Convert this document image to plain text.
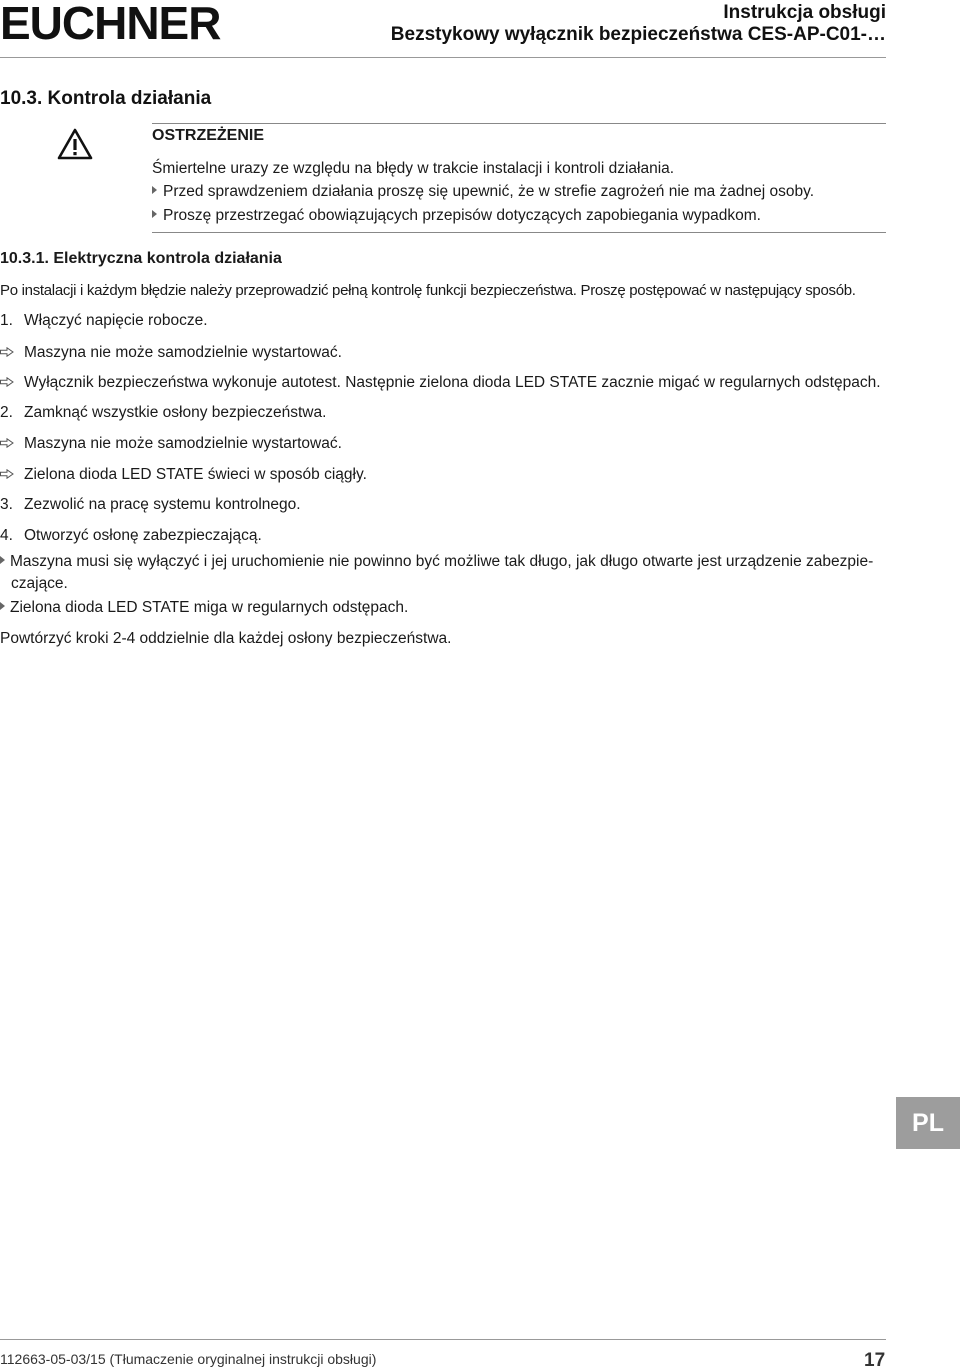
EUCHNER	Instrukcja obsługi
Bezstykowy wyłącznik bezpieczeństwa CES-AP-C01-…
10.3. Kontrola działania
OSTRZEŻENIE
Śmiertelne urazy ze względu na błędy w trakcie instalacji i kontroli działania.
Przed sprawdzeniem działania proszę się upewnić, że w strefie zagrożeń nie ma żadnej osoby.
Proszę przestrzegać obowiązujących przepisów dotyczących zapobiegania wypadkom.
10.3.1. Elektryczna kontrola działania
Po instalacji i każdym błędzie należy przeprowadzić pełną kontrolę funkcji bezpieczeństwa. Proszę postępować w następujący sposób.
1. Włączyć napięcie robocze.
Maszyna nie może samodzielnie wystartować.
Wyłącznik bezpieczeństwa wykonuje autotest. Następnie zielona dioda LED STATE zacznie migać w regularnych odstępach.
2. Zamknąć wszystkie osłony bezpieczeństwa.
Maszyna nie może samodzielnie wystartować.
Zielona dioda LED STATE świeci w sposób ciągły.
3. Zezwolić na pracę systemu kontrolnego.
4. Otworzyć osłonę zabezpieczającą.
Maszyna musi się wyłączyć i jej uruchomienie nie powinno być możliwe tak długo, jak długo otwarte jest urządzenie zabezpie-
czające.
Zielona dioda LED STATE miga w regularnych odstępach.
Powtórzyć kroki 2-4 oddzielnie dla każdej osłony bezpieczeństwa.
PL
112663-05-03/15 (Tłumaczenie oryginalnej instrukcji obsługi)	17
